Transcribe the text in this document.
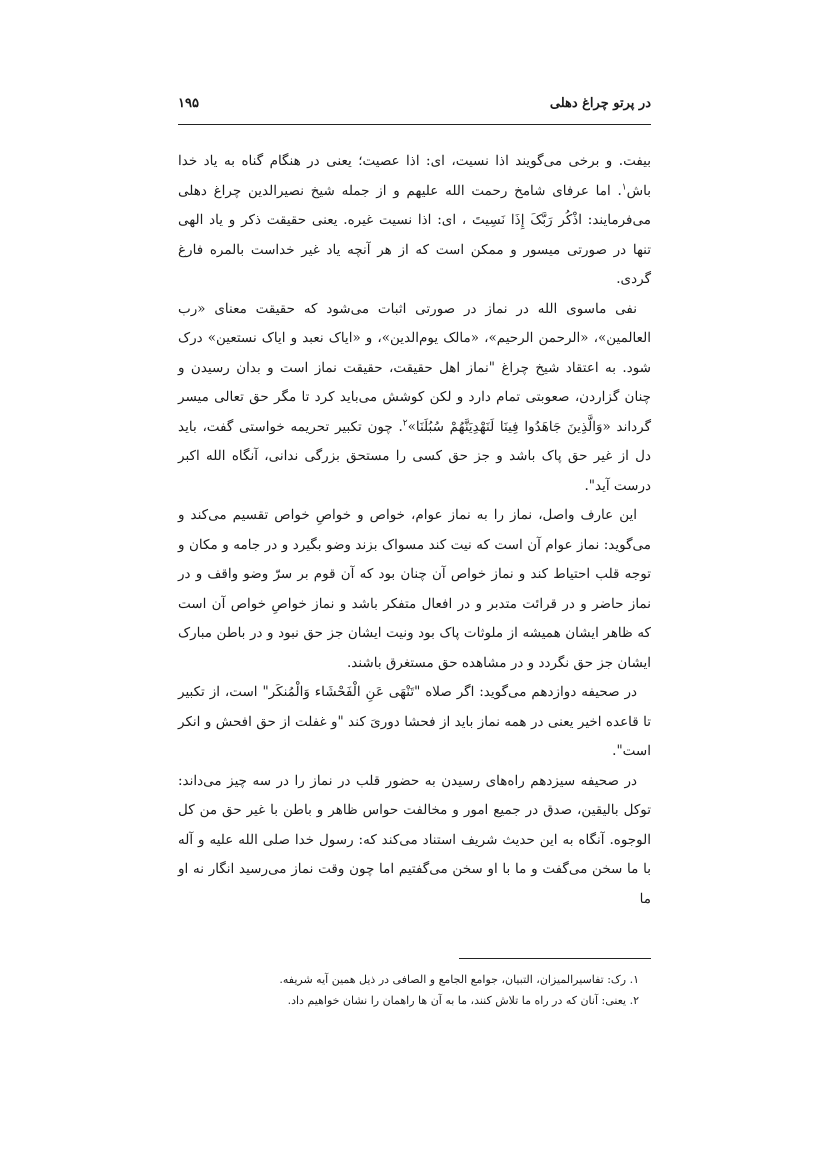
در پرتو چراغ دهلی
۱۹۵

بیفت. و برخی می‌گویند اذا نسیت، ای: اذا عصیت؛ یعنی در هنگام گناه به یاد خدا باش$^۱$. اما عرفای شامخ رحمت الله علیهم و از جمله شیخ نصیرالدین چراغ دهلی می‌فرمایند: اذْکُر رَبَّکَ إِذَا نَسِیتَ ، ای: اذا نسیت غیره. یعنی حقیقت ذکر و یاد الهی تنها در صورتی میسور و ممکن است که از هر آنچه یاد غیر خداست بالمره فارغ گردی.

نفی ماسوی الله در نماز در صورتی اثبات می‌شود که حقیقت معنای «رب العالمین»، «الرحمن الرحیم»، «مالک یوم‌الدین»، و «ایاک نعبد و ایاک نستعین» درک شود. به اعتقاد شیخ چراغ "نماز اهل حقیقت، حقیقت نماز است و بدان رسیدن و چنان گزاردن، صعوبتی تمام دارد و لکن کوشش می‌باید کرد تا مگر حق تعالی میسر گرداند «وَالَّذِینَ جَاهَدُوا فِینَا لَنَهْدِیَنَّهُمْ سُبُلَنَا»$^۲$. چون تکبیر تحریمه خواستی گفت، باید دل از غیر حق پاک باشد و جز حق کسی را مستحق بزرگی ندانی، آنگاه الله اکبر درست آید".

این عارف واصل، نماز را به نماز عوام، خواص و خواصِ خواص تقسیم می‌کند و می‌گوید: نماز عوام آن است که نیت کند مسواک بزند وضو بگیرد و در جامه و مکان و توجه قلب احتیاط کند و نماز خواص آن چنان بود که آن قوم بر سرّ وضو واقف و در نماز حاضر و در قرائت متدبر و در افعال متفکر باشد و نماز خواصِ خواص آن است که ظاهر ایشان همیشه از ملوثات پاک بود ونیت ایشان جز حق نبود و در باطن مبارک ایشان جز حق نگردد و در مشاهده حق مستغرق باشند.

در صحیفه دوازدهم می‌گوید: اگر صلاه "تَنْهَی عَنِ الْفَحْشَاء وَالْمُنکَر" است، از تکبیر تا قاعده اخیر یعنی در همه نماز باید از فحشا دوریَ کند "و غفلت از حق افحش و انکر است".

در صحیفه سیزدهم راه‌های رسیدن به حضور قلب در نماز را در سه چیز می‌داند: توکل بالیقین، صدق در جمیع امور و مخالفت حواس ظاهر و باطن با غیر حق من کل الوجوه. آنگاه به این حدیث شریف استناد می‌کند که: رسول خدا صلی الله علیه و آله با ما سخن می‌گفت و ما با او سخن می‌گفتیم اما چون وقت نماز می‌رسید انگار نه او ما

۱. رک: تفاسیرالمیزان، التبیان، جوامع الجامع و الصافی در ذیل همین آیه شریفه.

۲. یعنی: آنان که در راه ما تلاش کنند، ما به آن ها راهمان را نشان خواهیم داد.
